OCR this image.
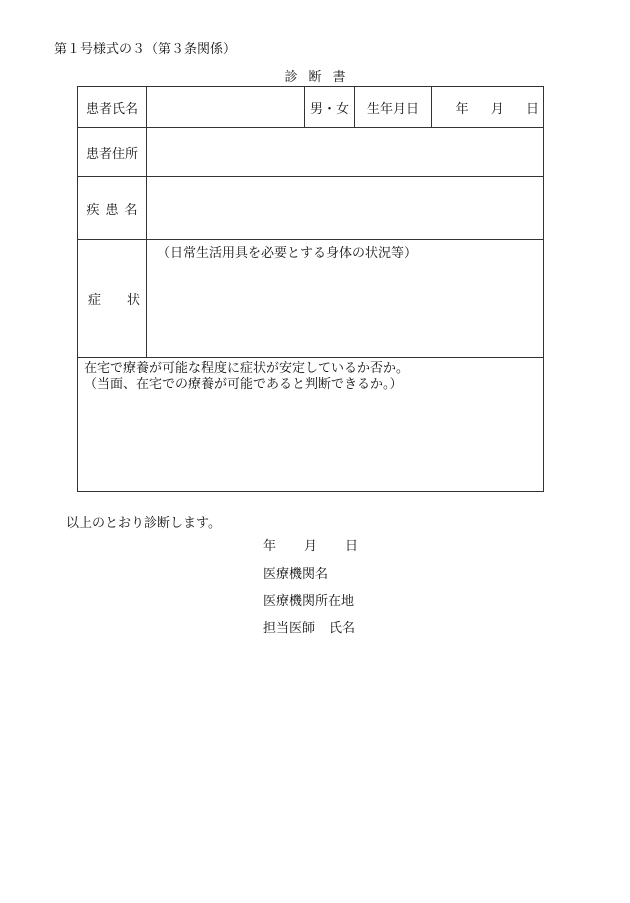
第１号様式の３（第３条関係）
診断書
患者氏名		男・女	生年月日	年 月 日
患者住所				
疾患名				

症 状	（日常生活用具を必要とする身体の状況等）			

在宅で療養が可能な程度に症状が安定しているか否か。
（当面、在宅での療養が可能であると判断できるか。）				
以上のとおり診断します。
年 月 日
医療機関名
医療機関所在地
担当医師 氏名
